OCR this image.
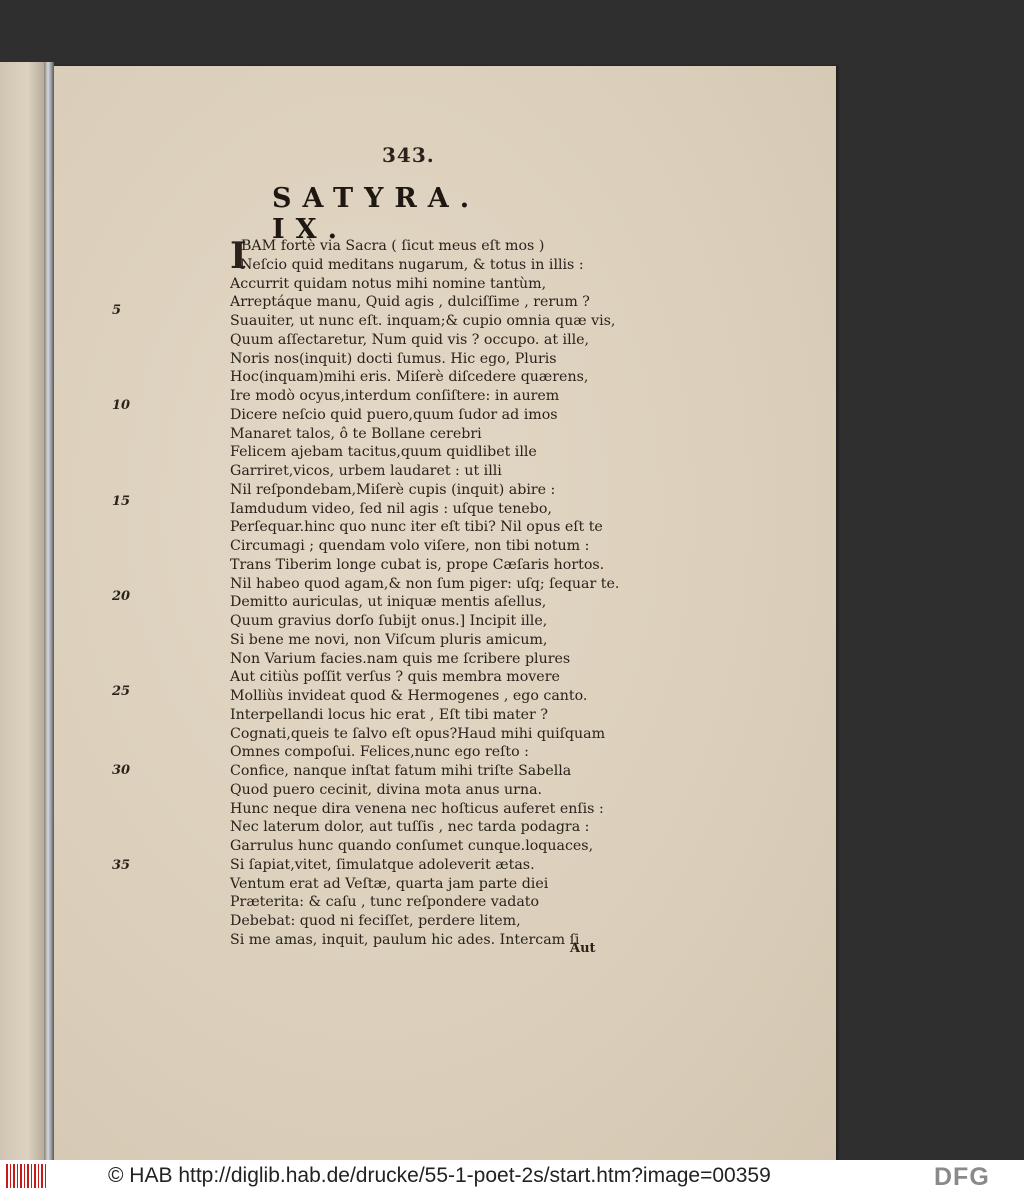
343.
SATYRA. IX.
I
BAM fortè via Sacra ( ſicut meus eſt mos )
Neſcio quid meditans nugarum, & totus in illis :
Accurrit quidam notus mihi nomine tantùm,
Arreptáque manu, Quid agis , dulciſſime , rerum ?
Suauiter, ut nunc eſt. inquam;& cupio omnia quæ vis,
Quum aſſectaretur, Num quid vis ? occupo. at ille,
Noris nos(inquit) docti ſumus. Hic ego, Pluris
Hoc(inquam)mihi eris. Miſerè diſcedere quærens,
Ire modò ocyus,interdum conſiſtere: in aurem
Dicere neſcio quid puero,quum ſudor ad imos
Manaret talos, ô te Bollane cerebri
Felicem ajebam tacitus,quum quidlibet ille
Garriret,vicos, urbem laudaret : ut illi
Nil reſpondebam,Miſerè cupis (inquit) abire :
Iamdudum video, ſed nil agis : uſque tenebo,
Perſequar.hinc quo nunc iter eſt tibi? Nil opus eſt te
Circumagi ; quendam volo viſere, non tibi notum :
Trans Tiberim longe cubat is, prope Cæſaris hortos.
Nil habeo quod agam,& non ſum piger: uſq; ſequar te.
Demitto auriculas, ut iniquæ mentis aſellus,
Quum gravius dorſo ſubijt onus.] Incipit ille,
Si bene me novi, non Viſcum pluris amicum,
Non Varium facies.nam quis me ſcribere plures
Aut citiùs poſſit verſus ? quis membra movere
Molliùs invideat quod & Hermogenes , ego canto.
Interpellandi locus hic erat , Eſt tibi mater ?
Cognati,queis te ſalvo eſt opus?Haud mihi quiſquam
Omnes compoſui. Felices,nunc ego reſto :
Confice, nanque inſtat fatum mihi triſte Sabella
Quod puero cecinit, divina mota anus urna.
Hunc neque dira venena nec hoſticus auferet enſis :
Nec laterum dolor, aut tuſſis , nec tarda podagra :
Garrulus hunc quando conſumet cunque.loquaces,
Si ſapiat,vitet, ſimulatque adoleverit ætas.
Ventum erat ad Veſtæ, quarta jam parte diei
Præterita: & caſu , tunc reſpondere vadato
Debebat: quod ni feciſſet, perdere litem,
Si me amas, inquit, paulum hic ades. Intercam ſi
5
10
15
20
25
30
35
Aut
© HAB http://diglib.hab.de/drucke/55-1-poet-2s/start.htm?image=00359	DFG
